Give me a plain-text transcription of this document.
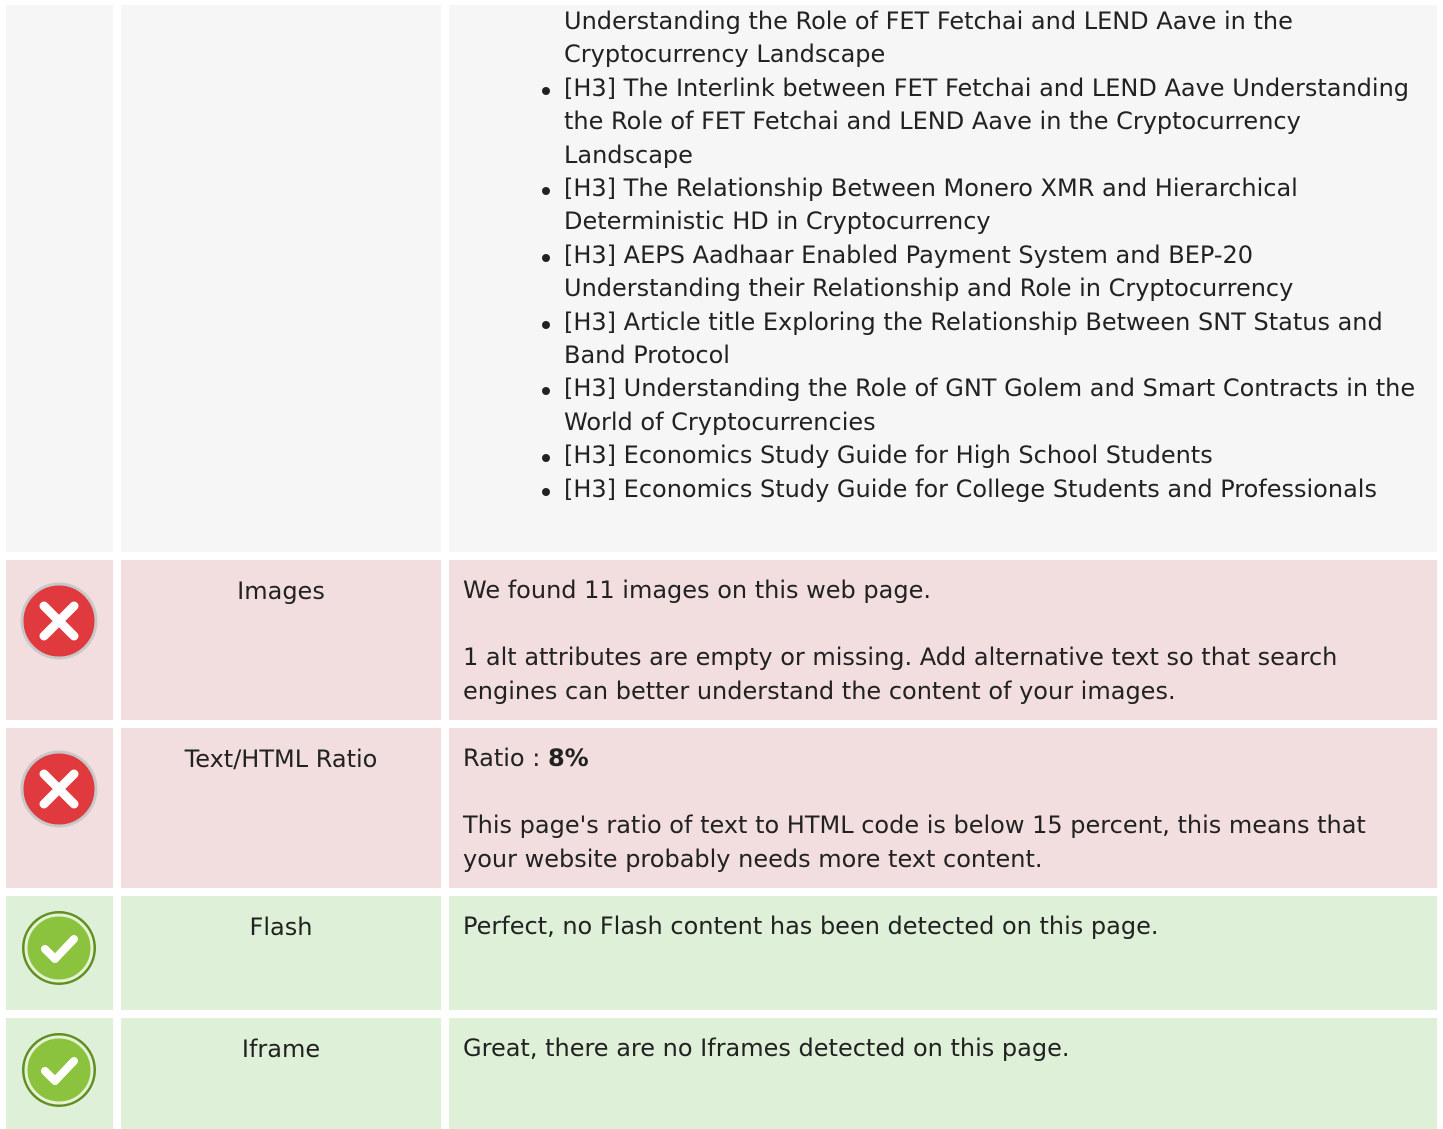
Understanding the Role of FET Fetchai and LEND Aave in the Cryptocurrency Landscape
[H3] The Interlink between FET Fetchai and LEND Aave Understanding the Role of FET Fetchai and LEND Aave in the Cryptocurrency Landscape
[H3] The Relationship Between Monero XMR and Hierarchical Deterministic HD in Cryptocurrency
[H3] AEPS Aadhaar Enabled Payment System and BEP-20 Understanding their Relationship and Role in Cryptocurrency
[H3] Article title Exploring the Relationship Between SNT Status and Band Protocol
[H3] Understanding the Role of GNT Golem and Smart Contracts in the World of Cryptocurrencies
[H3] Economics Study Guide for High School Students
[H3] Economics Study Guide for College Students and Professionals
Images	We found 11 images on this web page.

1 alt attributes are empty or missing. Add alternative text so that search engines can better understand the content of your images.

Text/HTML Ratio	Ratio : 8%

This page's ratio of text to HTML code is below 15 percent, this means that your website probably needs more text content.

Flash	Perfect, no Flash content has been detected on this page.

Iframe	Great, there are no Iframes detected on this page.
